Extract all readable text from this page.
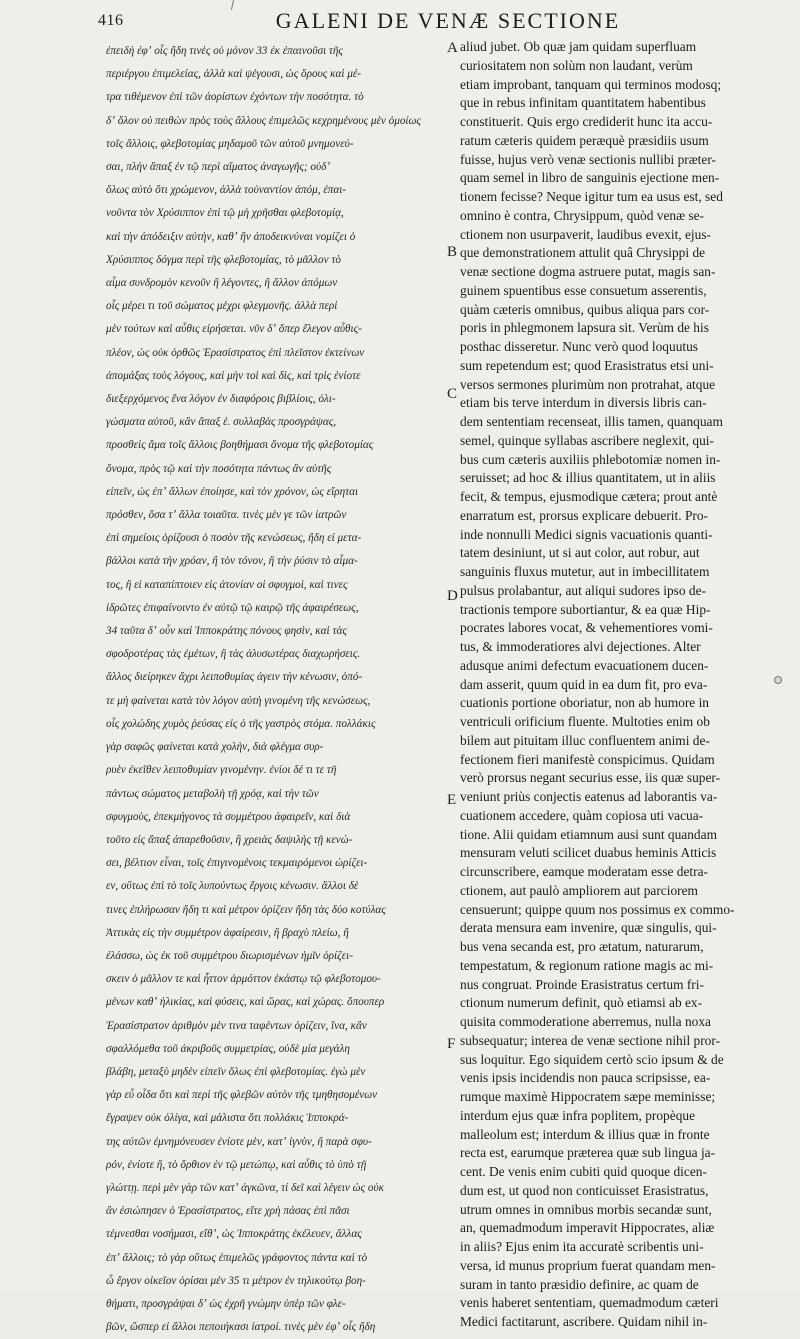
416	GALENI DE VENÆ SECTIONE
ἐπειδὴ ἐφʼ οἷς ἤδη τινὲς οὐ μόνον 33 ἐκ ἐπαινοῦσι τῆς
περιέργου ἐπιμελείας, ἀλλὰ καὶ ψέγουσι, ὡς ὅρους καὶ μέ-
τρα τιθέμενον ἐπὶ τῶν ἀορίστων ἐχόντων τὴν ποσότητα. τὸ
δʼ ὅλον οὐ πειθὼν πρὸς τοὺς ἄλλους ἐπιμελῶς κεχρημένους μὲν ὁμοίως
τοῖς ἄλλοις, φλεβοτομίας μηδαμοῦ τῶν αὐτοῦ μνημονεύ-
σαι, πλὴν ἅπαξ ἐν τῷ περὶ αἵματος ἀναγωγῆς; οὐδʼ
ὅλως αὐτὸ ὅτι χρώμενον, ἀλλὰ τοὐναντίον ἀπόμ, ἐπαι-
νοῦντα τὸν Χρύσιππον ἐπὶ τῷ μὴ χρῆσθαι φλεβοτομίᾳ,
καὶ τὴν ἀπόδειξιν αὐτὴν, καθʼ ἣν ἀποδεικνύναι νομίζει ὁ
Χρύσιππος δόγμα περὶ τῆς φλεβοτομίας, τὸ μᾶλλον τὸ
αἷμα συνδρομὸν κενοῦν ἢ λέγοντες, ἢ ἄλλον ἀπόμων
οἷς μέρει τι τοῦ σώματος μέχρι φλεγμονῆς. ἀλλὰ περὶ
μὲν τούτων καὶ αὖθις εἰρήσεται. νῦν δʼ ὅπερ ἔλεγον αὖθις-
πλέον, ὡς οὐκ ὀρθῶς Ἐρασίστρατος ἐπὶ πλεῖστον ἐκτείνων
ἀπομάξας τοὺς λόγους, καὶ μὴν τοὶ καὶ δὶς, καὶ τρὶς ἐνίοτε
διεξερχόμενος ἕνα λόγον ἐν διαφόροις βιβλίοις, ὀλι-
γώσματα αὐτοῦ, κἂν ἅπαξ ἑ. συλλαβὰς προσγράψας,
προσθεὶς ἅμα τοῖς ἄλλοις βοηθήμασι ὄνομα τῆς φλεβοτομίας
ὄνομα, πρὸς τῷ καὶ τὴν ποσότητα πάντως ἂν αὐτῆς
εἰπεῖν, ὡς ἐπʼ ἄλλων ἐποίησε, καὶ τὸν χρόνον, ὡς εἴρηται
πρόσθεν, ὅσα τʼ ἄλλα τοιαῦτα. τινὲς μὲν γε τῶν ἰατρῶν
ἐπὶ σημείοις ὁρίζουσι ὁ ποσὸν τῆς κενώσεως, ἤδη εἰ μετα-
βάλλοι κατὰ τὴν χρόαν, ἢ τὸν τόνον, ἢ τὴν ῥύσιν τὸ αἷμα-
τος, ἢ εἰ καταπίπτοιεν εἰς ἀτονίαν οἱ σφυγμοὶ, καὶ τινες
ἱδρῶτες ἐπιφαίνοιντο ἐν αὐτῷ τῷ καιρῷ τῆς ἀφαιρέσεως,
34 ταῦτα δʼ οὖν καὶ Ἱπποκράτης πόνους φησὶν, καὶ τὰς
σφοδροτέρας τὰς ἐμέτων, ἢ τὰς ἀλυσωτέρας διαχωρήσεις.
ἄλλος διείρηκεν ἄχρι λειποθυμίας ἀγειν τὴν κένωσιν, ὁπό-
τε μὴ φαίνεται κατὰ τὸν λόγον αὐτὴ γινομένη τῆς κενώσεως,
οἷς χολώδης χυμὸς ῥεύσας εἰς ὁ τῆς γαστρὸς στόμα. πολλάκις
γὰρ σαφῶς φαίνεται κατὰ χολὴν, διὰ φλέγμα συρ-
ρυὲν ἐκεῖθεν λειποθυμίαν γινομένην. ἐνίοι δέ τι τε τῆ
πάντως σώματος μεταβολὴ τῇ χρόᾳ, καὶ τὴν τῶν
σφυγμοὺς, ἐπεκμήγονος τὰ συμμέτρου ἀφαιρεῖν, καὶ διὰ
τοῦτο εἰς ἅπαξ ἀπαρεθοῦσιν, ἢ χρειὰς δαψιλὴς τῇ κενώ-
σει, βέλτιον εἶναι, τοῖς ἐπιγινομένοις τεκμαιρόμενοι ὡρίζει-
εν, οὕτως ἐπὶ τὸ τοῖς λυπούντως ἔργοις κένωσιν. ἄλλοι δὲ
τινες ἐπλήρωσαν ἤδη τι καὶ μέτρον ὁρίζειν ἤδη τὰς δύο κοτύλας
Ἀττικὰς εἰς τὴν συμμέτρον ἀφαίρεσιν, ἢ βραχὺ πλείω, ἢ
ἐλάσσω, ὡς ἐκ τοῦ συμμέτρου διωρισμένων ἡμῖν ὁρίζει-
σκειν ὁ μᾶλλον τε καὶ ἧττον ἁρμόττον ἑκάστῳ τῷ φλεβοτομου-
μένων καθʼ ἡλικίας, καὶ φύσεις, καὶ ὥρας, καὶ χώρας. ὅπουπερ
Ἐρασίστρατον ἀριθμὸν μὲν τινα ταφέντων ὁρίζειν, ἵνα, κἂν
σφαλλόμεθα τοῦ ἀκριβοῦς συμμετρίας, οὐδὲ μία μεγάλη
βλάβη, μεταξὺ μηδὲν εἰπεῖν ὅλως ἐπὶ φλεβοτομίας. ἐγὼ μὲν
γὰρ εὖ οἶδα ὅτι καὶ περὶ τῆς φλεβῶν αὐτὸν τῆς τμηθησομένων
ἔγραψεν οὐκ ὀλίγα, καὶ μάλιστα ὅτι πολλάκις Ἱπποκρά-
της αὐτῶν ἐμνημόνευσεν ἐνίοτε μὲν, κατʼ ἰγνὺν, ἢ παρὰ σφυ-
ρόν, ἐνίοτε ἤ, τὸ ὄρθιον ἐν τῷ μετώπῳ, καὶ αὖθις τὸ ὑπὸ τῇ
γλώττῃ. περὶ μὲν γὰρ τῶν κατʼ ἀγκῶνα, τί δεῖ καὶ λέγειν ὡς οὐκ
ἂν ἐσιώπησεν ὁ Ἐρασίστρατος, εἴτε χρὴ πάσας ἐπὶ πᾶσι
τέμνεσθαι νοσήμασι, εἴθʼ, ὡς Ἱπποκράτης ἐκέλευεν, ἄλλας
ἐπʼ ἄλλοις; τὸ γὰρ οὕτως ἐπιμελῶς γράφοντος πάντα καὶ τὸ
ὦ ἔργον οἰκεῖον ὁρίσαι μὲν 35 τι μέτρον ἐν τηλικούτῳ βοη-
θήματι, προσγράψαι δʼ ὡς ἐχρῆ γνώμην ὑπὲρ τῶν φλε-
βῶν, ὥσπερ εἰ ἄλλοι πεποιήκασι ἰατροί. τινὲς μὲν ἐφʼ οἷς ἤδη
aliud jubet. Ob quæ jam quidam superfluam
curiositatem non solùm non laudant, verùm
etiam improbant, tanquam qui terminos modosq;
que in rebus infinitam quantitatem habentibus
constituerit. Quis ergo crediderit hunc ita accu-
ratum cæteris quidem peræquè præsidiis usum
fuisse, hujus verò venæ sectionis nullibi præter-
quam semel in libro de sanguinis ejectione men-
tionem fecisse? Neque igitur tum ea usus est, sed
omnino è contra, Chrysippum, quòd venæ se-
ctionem non usurpaverit, laudibus evexit, ejus-
que demonstrationem attulit quâ Chrysippi de
venæ sectione dogma astruere putat, magis san-
guinem spuentibus esse consuetum asserentis,
quàm cæteris omnibus, quibus aliqua pars cor-
poris in phlegmonem lapsura sit. Verùm de his
posthac disseretur. Nunc verò quod loquutus
sum repetendum est; quod Erasistratus etsi uni-
versos sermones plurimùm non protrahat, atque
etiam bis terve interdum in diversis libris can-
dem sententiam recenseat, illis tamen, quanquam
semel, quinque syllabas ascribere neglexit, qui-
bus cum cæteris auxiliis phlebotomiæ nomen in-
seruisset; ad hoc & illius quantitatem, ut in aliis
fecit, & tempus, ejusmodique cætera; prout antè
enarratum est, prorsus explicare debuerit. Pro-
inde nonnulli Medici signis vacuationis quanti-
tatem desiniunt, ut si aut color, aut robur, aut
sanguinis fluxus mutetur, aut in imbecillitatem
pulsus prolabantur, aut aliqui sudores ipso de-
tractionis tempore subortiantur, & ea quæ Hip-
pocrates labores vocat, & vehementiores vomi-
tus, & immoderatiores alvi dejectiones. Alter
adusque animi defectum evacuationem ducen-
dam asserit, quum quid in ea dum fit, pro eva-
cuationis portione oboriatur, non ab humore in
ventriculi orificium fluente. Multoties enim ob
bilem aut pituitam illuc confluentem animi de-
fectionem fieri manifestè conspicimus. Quidam
verò prorsus negant securius esse, iis quæ super-
veniunt priùs conjectis eatenus ad laborantis va-
cuationem accedere, quàm copiosa uti vacua-
tione. Alii quidam etiamnum ausi sunt quandam
mensuram veluti scilicet duabus heminis Atticis
circunscribere, eamque moderatam esse detra-
ctionem, aut paulò ampliorem aut parciorem
censuerunt; quippe quum nos possimus ex commo-
derata mensura eam invenire, quæ singulis, qui-
bus vena secanda est, pro ætatum, naturarum,
tempestatum, & regionum ratione magis ac mi-
nus congruat. Proinde Erasistratus certum fri-
ctionum numerum definit, quò etiamsi ab ex-
quisita commoderatione aberremus, nulla noxa
subsequatur; interea de venæ sectione nihil pror-
sus loquitur. Ego siquidem certò scio ipsum & de
venis ipsis incidendis non pauca scripsisse, ea-
rumque maximè Hippocratem sæpe meminisse;
interdum ejus quæ infra poplitem, propèque
malleolum est; interdum & illius quæ in fronte
recta est, earumque præterea quæ sub lingua ja-
cent. De venis enim cubiti quid quoque dicen-
dum est, ut quod non conticuisset Erasistratus,
utrum omnes in omnibus morbis secandæ sunt,
an, quemadmodum imperavit Hippocrates, aliæ
in aliis? Ejus enim ita accuratè scribentis uni-
versa, id munus proprium fuerat quandam men-
suram in tanto præsidio definire, ac quam de
venis haberet sententiam, quemadmodum cæteri
Medici factitarunt, ascribere. Quidam nihil in-
A
B
C
D
E
F
